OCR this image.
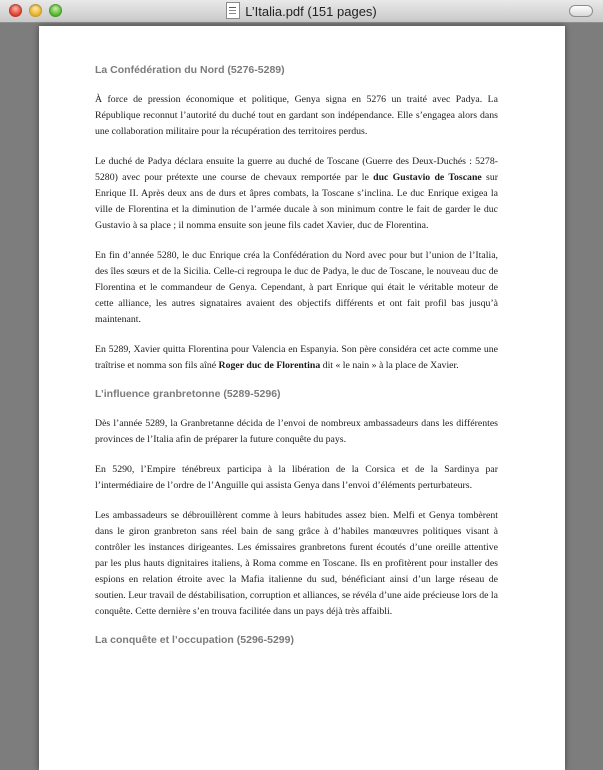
L’Italia.pdf (151 pages)
La Confédération du Nord (5276-5289)

À force de pression économique et politique, Genya signa en 5276 un traité avec Padya. La République reconnut l’autorité du duché tout en gardant son indépendance. Elle s’engagea alors dans une collaboration militaire pour la récupération des territoires perdus.

Le duché de Padya déclara ensuite la guerre au duché de Toscane (Guerre des Deux-Duchés : 5278-5280) avec pour prétexte une course de chevaux remportée par le duc Gustavio de Toscane sur Enrique II. Après deux ans de durs et âpres combats, la Toscane s’inclina. Le duc Enrique exigea la ville de Florentina et la diminution de l’armée ducale à son minimum contre le fait de garder le duc Gustavio à sa place ; il nomma ensuite son jeune fils cadet Xavier, duc de Florentina.

En fin d’année 5280, le duc Enrique créa la Confédération du Nord avec pour but l’union de l’Italia, des îles sœurs et de la Sicilia. Celle-ci regroupa le duc de Padya, le duc de Toscane, le nouveau duc de Florentina et le commandeur de Genya. Cependant, à part Enrique qui était le véritable moteur de cette alliance, les autres signataires avaient des objectifs différents et ont fait profil bas jusqu’à maintenant.

En 5289, Xavier quitta Florentina pour Valencia en Espanyia. Son père considéra cet acte comme une traîtrise et nomma son fils aîné Roger duc de Florentina dit « le nain » à la place de Xavier.

L’influence granbretonne (5289-5296)

Dès l’année 5289, la Granbretanne décida de l’envoi de nombreux ambassadeurs dans les différentes provinces de l’Italia afin de préparer la future conquête du pays.

En 5290, l’Empire ténébreux participa à la libération de la Corsica et de la Sardinya par l’intermédiaire de l’ordre de l’Anguille qui assista Genya dans l’envoi d’éléments perturbateurs.

Les ambassadeurs se débrouillèrent comme à leurs habitudes assez bien. Melfi et Genya tombèrent dans le giron granbreton sans réel bain de sang grâce à d’habiles manœuvres politiques visant à contrôler les instances dirigeantes. Les émissaires granbretons furent écoutés d’une oreille attentive par les plus hauts dignitaires italiens, à Roma comme en Toscane. Ils en profitèrent pour installer des espions en relation étroite avec la Mafia italienne du sud, bénéficiant ainsi d’un large réseau de soutien. Leur travail de déstabilisation, corruption et alliances, se révéla d’une aide précieuse lors de la conquête. Cette dernière s’en trouva facilitée dans un pays déjà très affaibli.

La conquête et l’occupation (5296-5299)
